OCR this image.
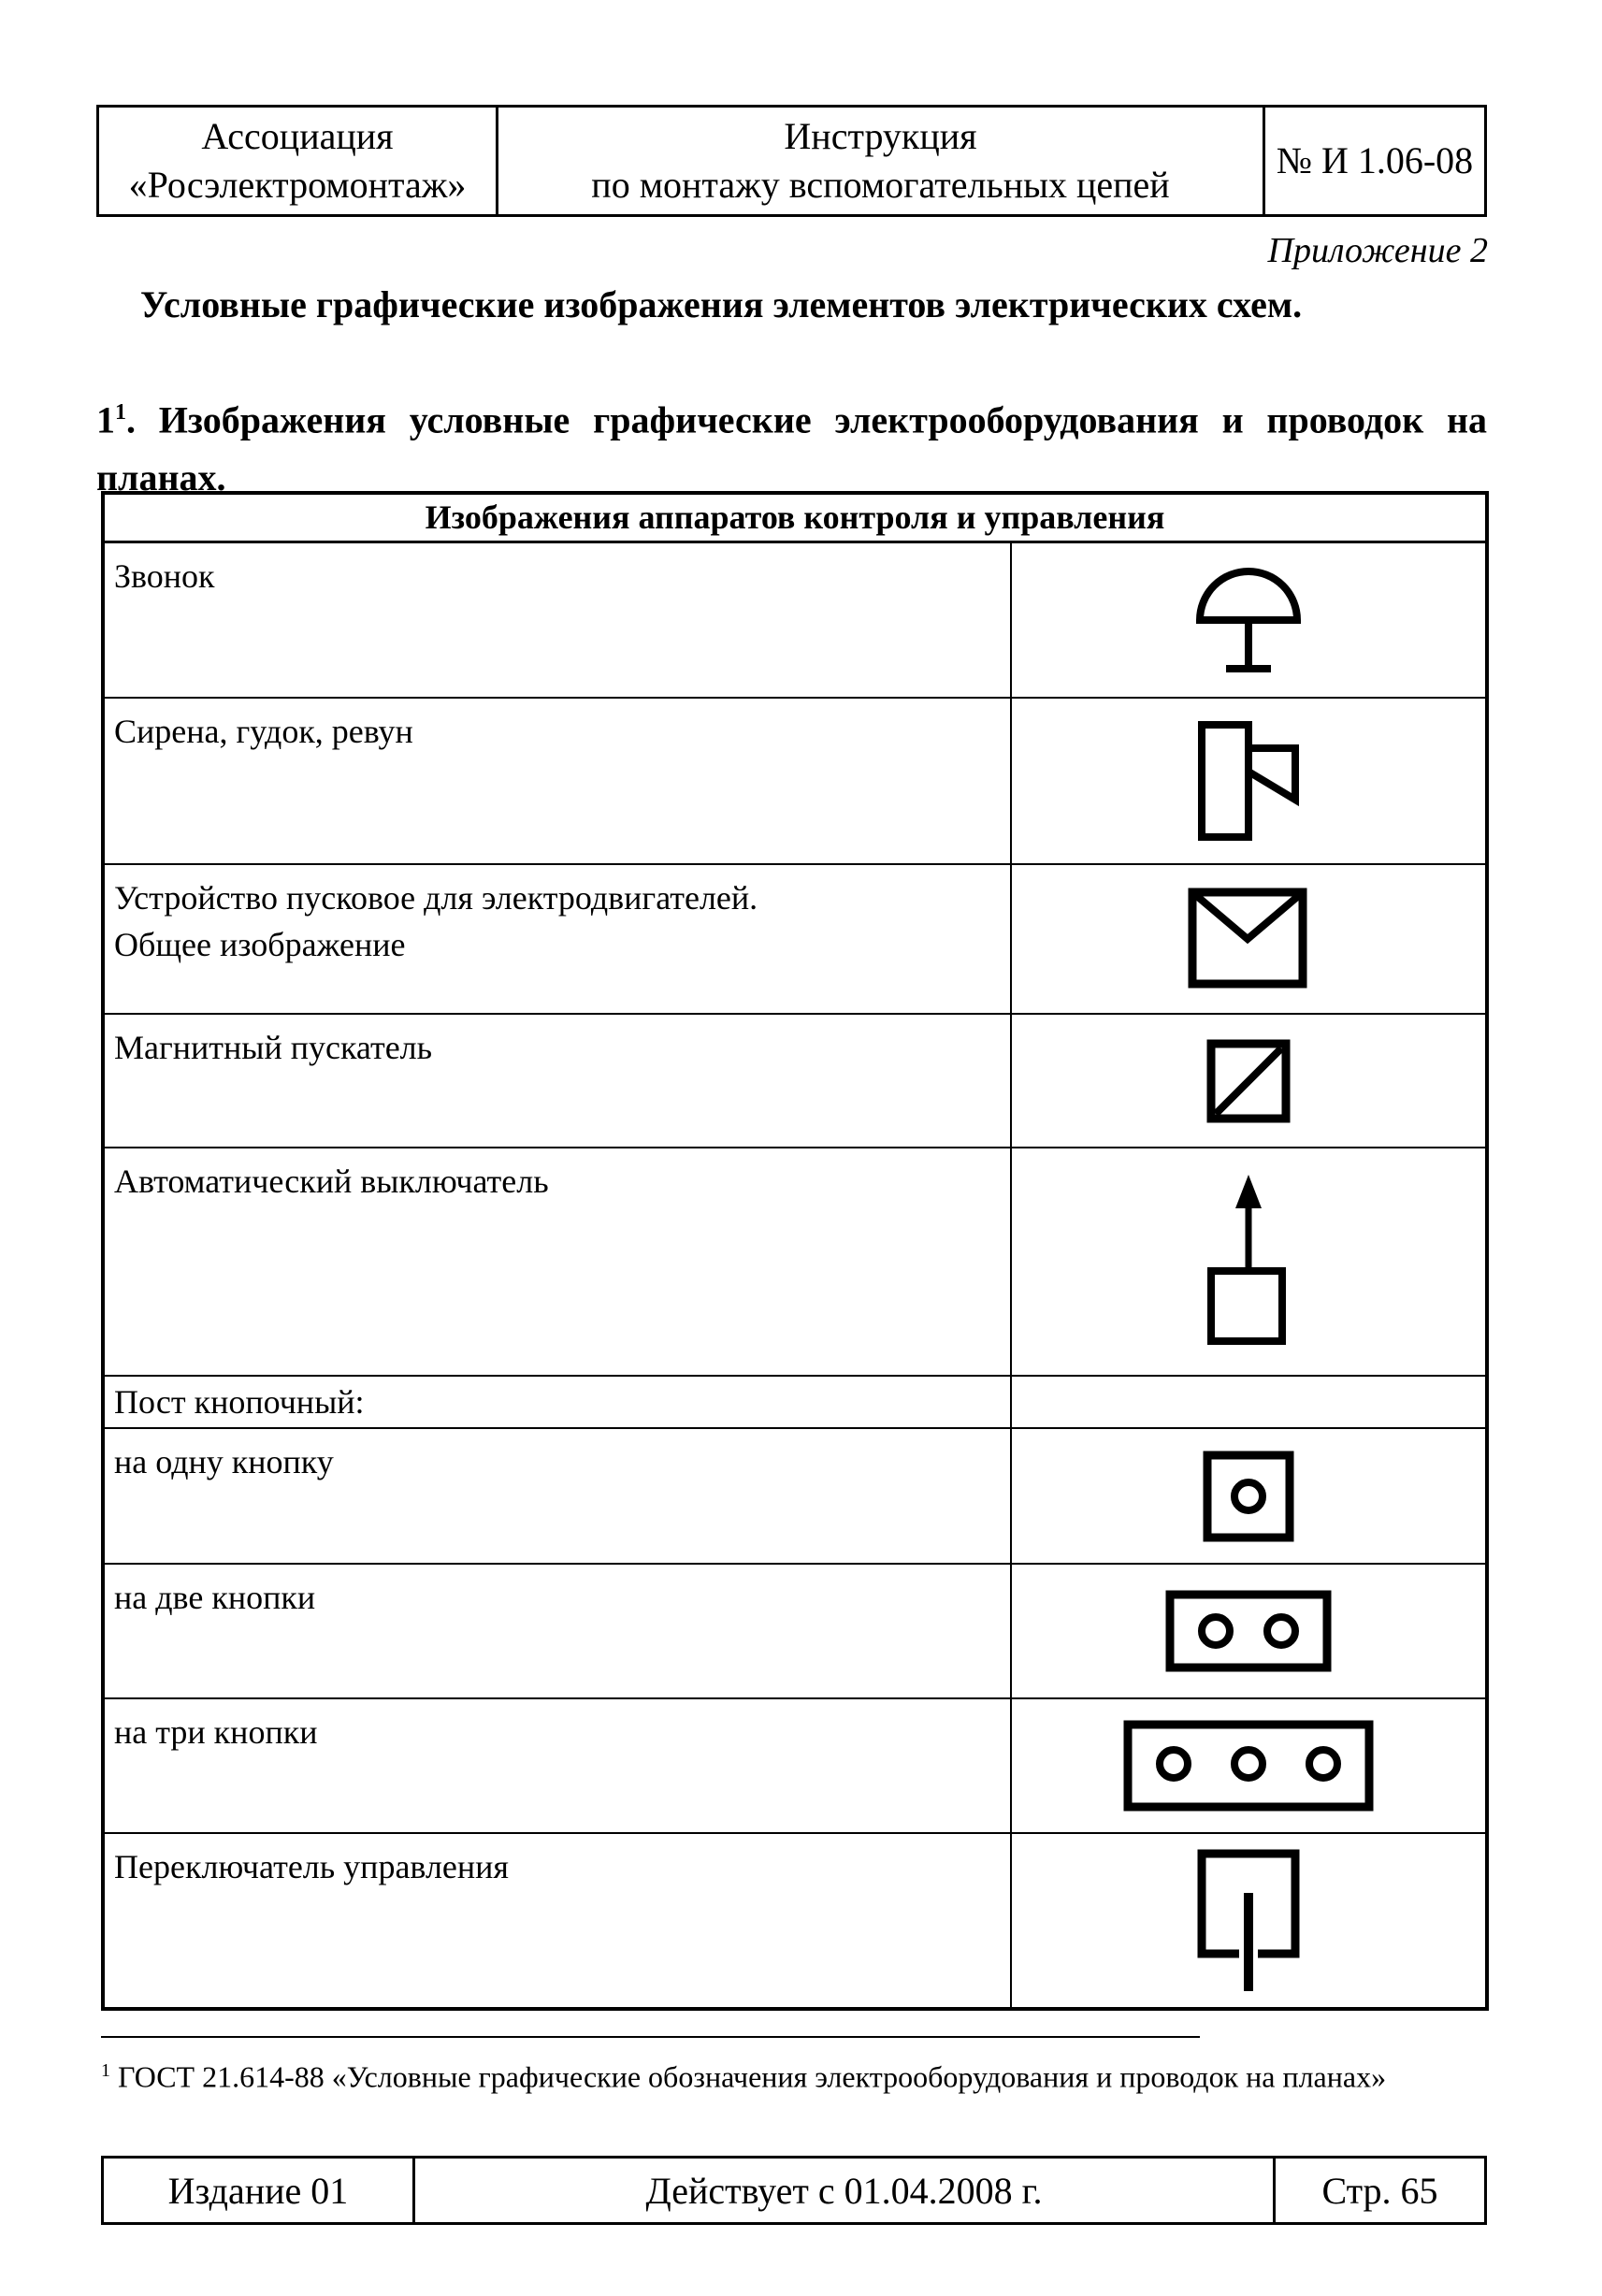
Ассоциация
«Росэлектромонтаж»
Инструкция
по монтажу вспомогательных цепей
№ И 1.06-08
Приложение 2
Условные графические изображения элементов электрических схем.
$1^1$. Изображения условные графические электрооборудования и проводок на планах.
Изображения аппаратов контроля и управления
Звонок
Сирена, гудок, ревун
Устройство пусковое для электродвигателей.
Общее изображение
Магнитный пускатель
Автоматический выключатель
Пост кнопочный:
на одну кнопку
на две кнопки
на три кнопки
Переключатель управления
$^1$ ГОСТ 21.614-88 «Условные графические обозначения электрооборудования и проводок на планах»
Издание 01	Действует с 01.04.2008 г.	Стр. 65
